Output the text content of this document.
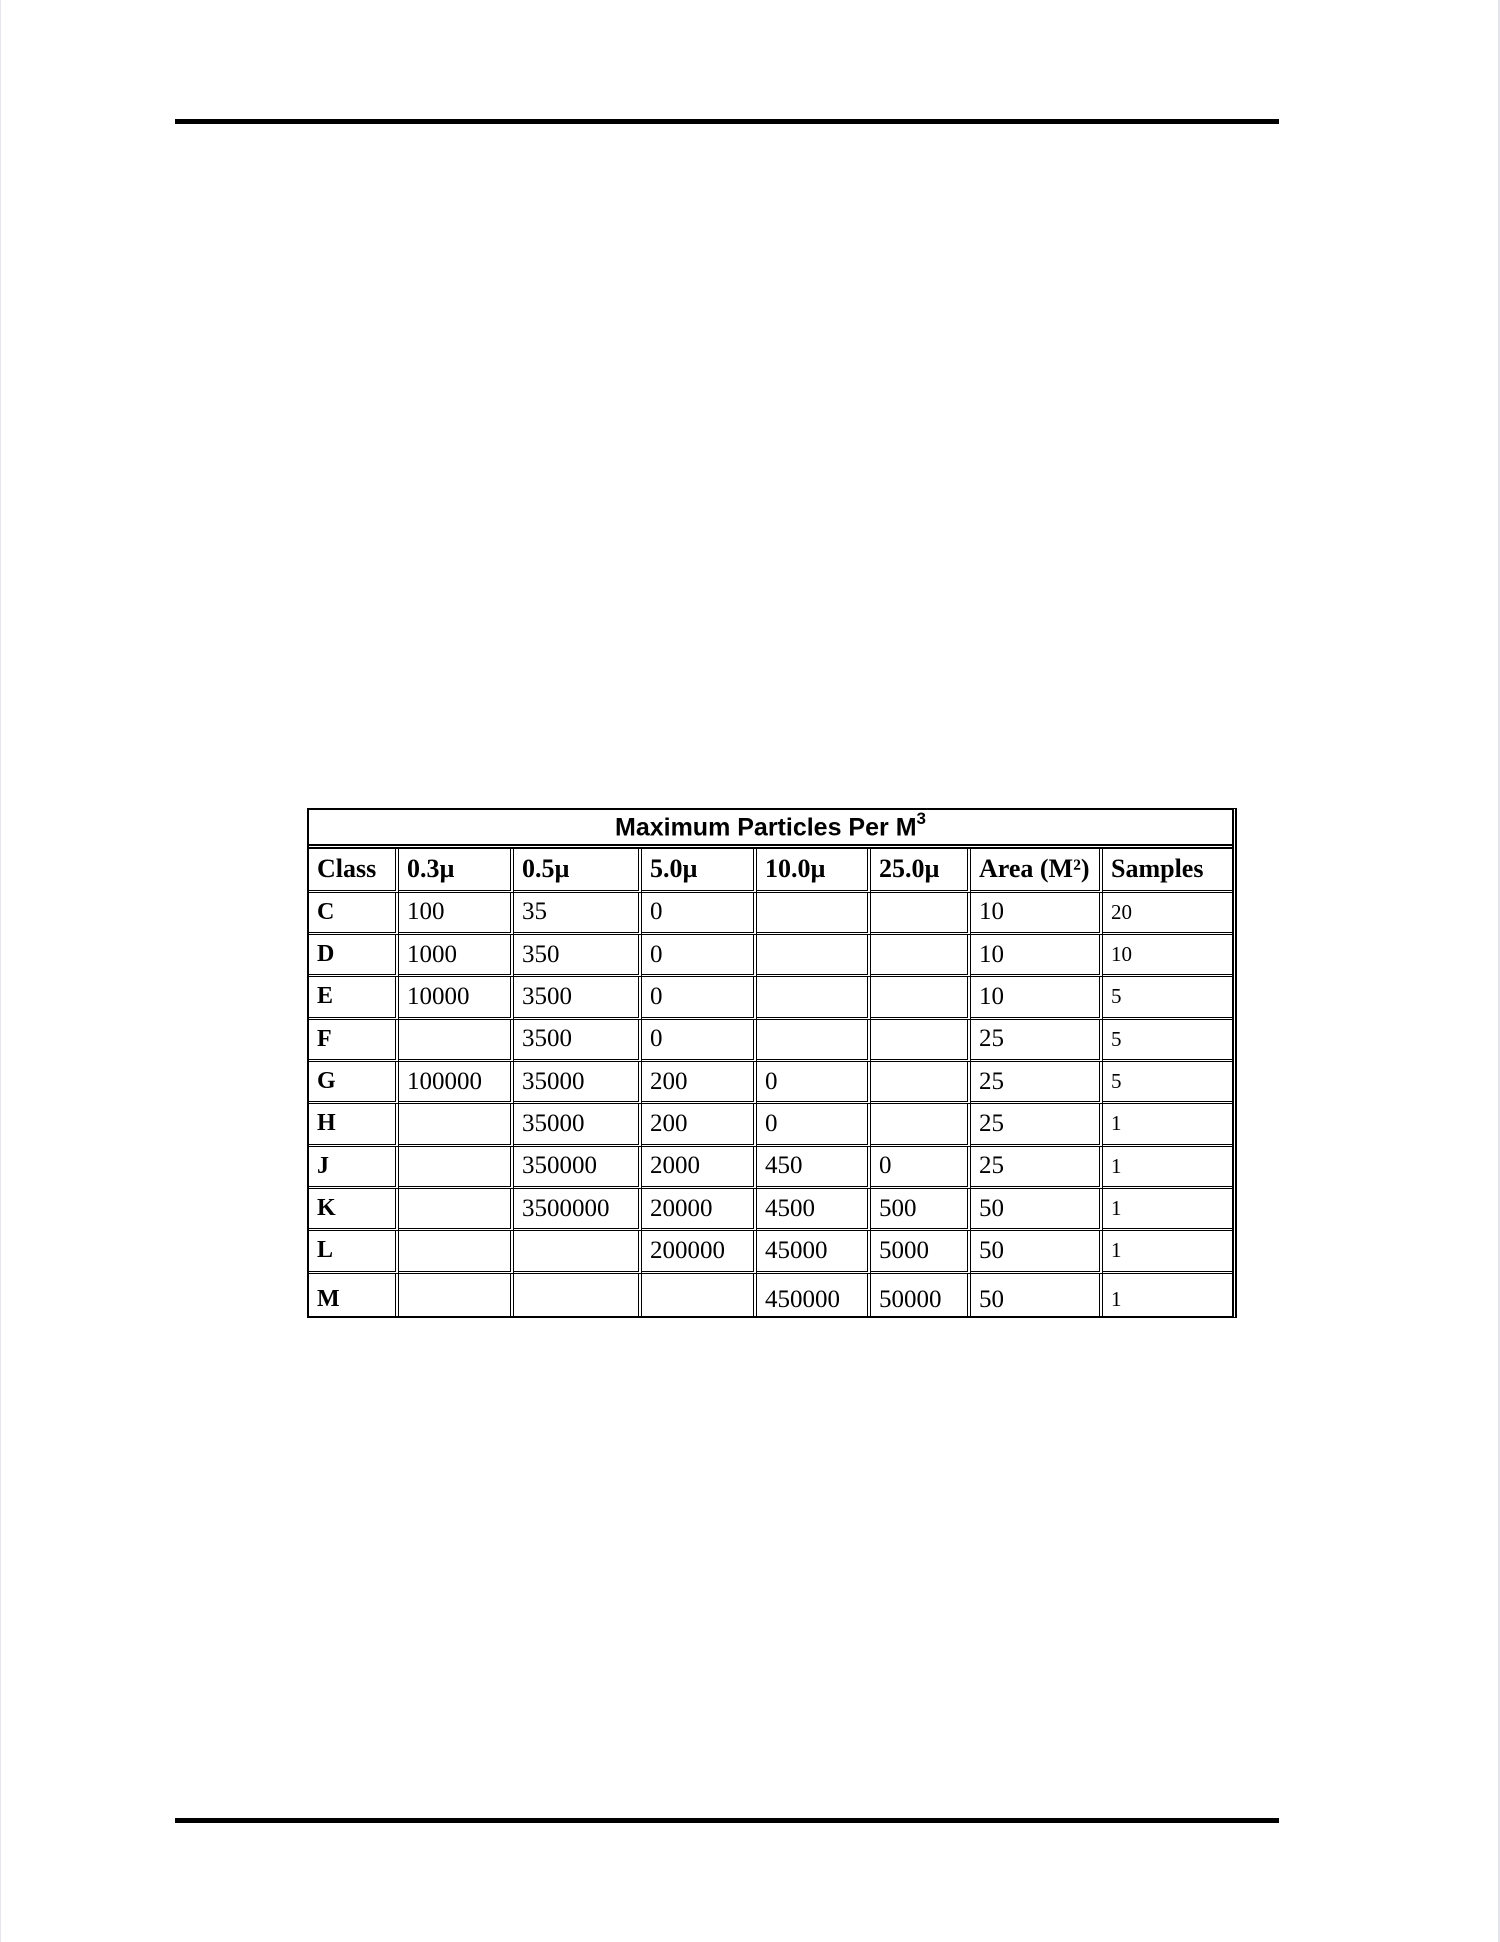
Maximum Particles Per $M^3$
Class	0.3µ	0.5µ	5.0µ	10.0µ	25.0µ	Area (M²)	Samples
C	100	35	0			10	20
D	1000	350	0			10	10
E	10000	3500	0			10	5
F		3500	0			25	5
G	100000	35000	200	0		25	5
H		35000	200	0		25	1
J		350000	2000	450	0	25	1
K		3500000	20000	4500	500	50	1
L			200000	45000	5000	50	1
M				450000	50000	50	1
